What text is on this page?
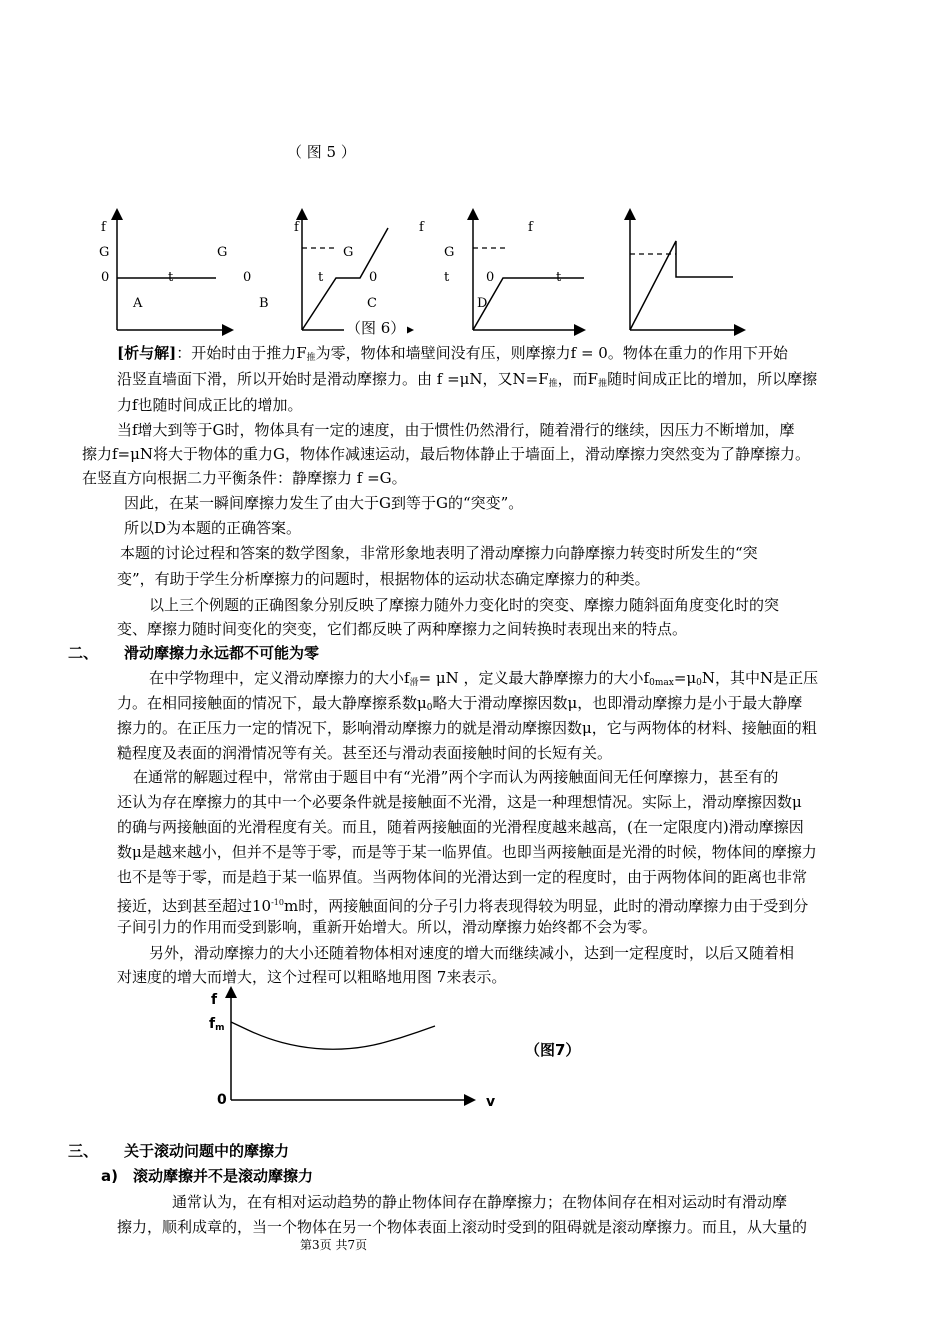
（ 图 5 ）
f
G
0	t
A
f
G
0	t
B
f
G
0	t
C
f
G
0	t
D
（图 6）
[析与解]：开始时由于推力$F_推$为零，物体和墙壁间没有压，则摩擦力f = 0。物体在重力的作用下开始
沿竖直墙面下滑，所以开始时是滑动摩擦力。由 f =μN，又$N=F_推$，而$F_推$随时间成正比的增加，所以摩擦
力f也随时间成正比的增加。
当f增大到等于G时，物体具有一定的速度，由于惯性仍然滑行，随着滑行的继续，因压力不断增加，摩
擦力f=μN将大于物体的重力G，物体作减速运动，最后物体静止于墙面上，滑动摩擦力突然变为了静摩擦力。
在竖直方向根据二力平衡条件：静摩擦力 f =G。
因此，在某一瞬间摩擦力发生了由大于G到等于G的“突变”。
所以D为本题的正确答案。
本题的讨论过程和答案的数学图象，非常形象地表明了滑动摩擦力向静摩擦力转变时所发生的“突
变”，有助于学生分析摩擦力的问题时，根据物体的运动状态确定摩擦力的种类。
以上三个例题的正确图象分别反映了摩擦力随外力变化时的突变、摩擦力随斜面角度变化时的突
变、摩擦力随时间变化的突变，它们都反映了两种摩擦力之间转换时表现出来的特点。
二、 滑动摩擦力永远都不可能为零
在中学物理中，定义滑动摩擦力的大小$f_滑= \mu N$ ，定义最大静摩擦力的大小$f_{0max}=\mu_0N$，其中N是正压
力。在相同接触面的情况下，最大静摩擦系数$\mu_0$略大于滑动摩擦因数μ，也即滑动摩擦力是小于最大静摩
擦力的。在正压力一定的情况下，影响滑动摩擦力的就是滑动摩擦因数μ，它与两物体的材料、接触面的粗
糙程度及表面的润滑情况等有关。甚至还与滑动表面接触时间的长短有关。
在通常的解题过程中，常常由于题目中有“光滑”两个字而认为两接触面间无任何摩擦力，甚至有的
还认为存在摩擦力的其中一个必要条件就是接触面不光滑，这是一种理想情况。实际上，滑动摩擦因数μ
的确与两接触面的光滑程度有关。而且，随着两接触面的光滑程度越来越高，(在一定限度内)滑动摩擦因
数μ是越来越小，但并不是等于零，而是等于某一临界值。也即当两接触面是光滑的时候，物体间的摩擦力
也不是等于零，而是趋于某一临界值。当两物体间的光滑达到一定的程度时，由于两物体间的距离也非常
接近，达到甚至超过$10^{-10}m$时，两接触面间的分子引力将表现得较为明显，此时的滑动摩擦力由于受到分
子间引力的作用而受到影响，重新开始增大。所以，滑动摩擦力始终都不会为零。
另外，滑动摩擦力的大小还随着物体相对速度的增大而继续减小，达到一定程度时，以后又随着相
对速度的增大而增大，这个过程可以粗略地用图 7来表示。
f
$f_m$
0	v
（图7）
三、 关于滚动问题中的摩擦力
a) 滚动摩擦并不是滚动摩擦力
通常认为，在有相对运动趋势的静止物体间存在静摩擦力；在物体间存在相对运动时有滑动摩
擦力，顺利成章的，当一个物体在另一个物体表面上滚动时受到的阻碍就是滚动摩擦力。而且，从大量的
第3页 共7页
